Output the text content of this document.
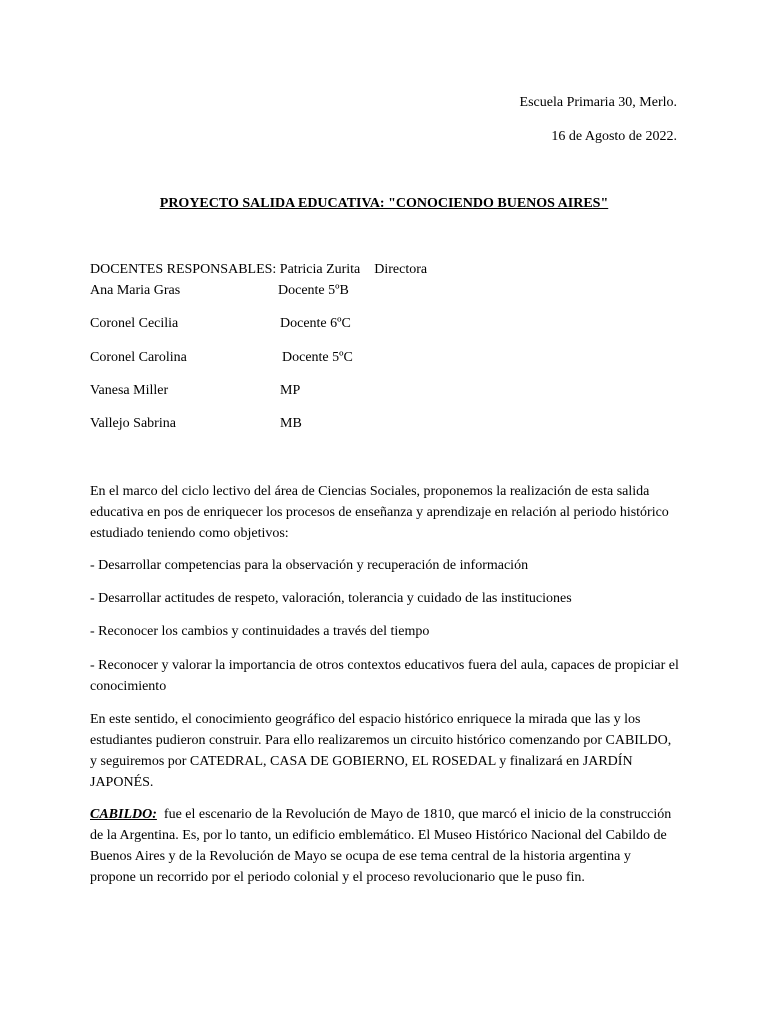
Escuela Primaria 30, Merlo.
16 de Agosto de 2022.
PROYECTO SALIDA EDUCATIVA: "CONOCIENDO BUENOS AIRES"
DOCENTES RESPONSABLES: Patricia Zurita    Directora
Ana Maria Gras	Docente 5ºB
Coronel Cecilia	Docente 6ºC
Coronel Carolina	Docente 5ºC
Vanesa Miller	MP
Vallejo Sabrina	MB

En el marco del ciclo lectivo del área de Ciencias Sociales, proponemos la realización de esta salida educativa en pos de enriquecer los procesos de enseñanza y aprendizaje en relación al periodo histórico estudiado teniendo como objetivos:

- Desarrollar competencias para la observación y recuperación de información

- Desarrollar actitudes de respeto, valoración, tolerancia y cuidado de las instituciones

- Reconocer los cambios y continuidades a través del tiempo

- Reconocer y valorar la importancia de otros contextos educativos fuera del aula, capaces de propiciar el conocimiento

En este sentido, el conocimiento geográfico del espacio histórico enriquece la mirada que las y los estudiantes pudieron construir. Para ello realizaremos un circuito histórico comenzando por CABILDO, y seguiremos por CATEDRAL, CASA DE GOBIERNO, EL ROSEDAL y finalizará en JARDÍN JAPONÉS.

CABILDO:  fue el escenario de la Revolución de Mayo de 1810, que marcó el inicio de la construcción de la Argentina. Es, por lo tanto, un edificio emblemático. El Museo Histórico Nacional del Cabildo de Buenos Aires y de la Revolución de Mayo se ocupa de ese tema central de la historia argentina y propone un recorrido por el periodo colonial y el proceso revolucionario que le puso fin.
